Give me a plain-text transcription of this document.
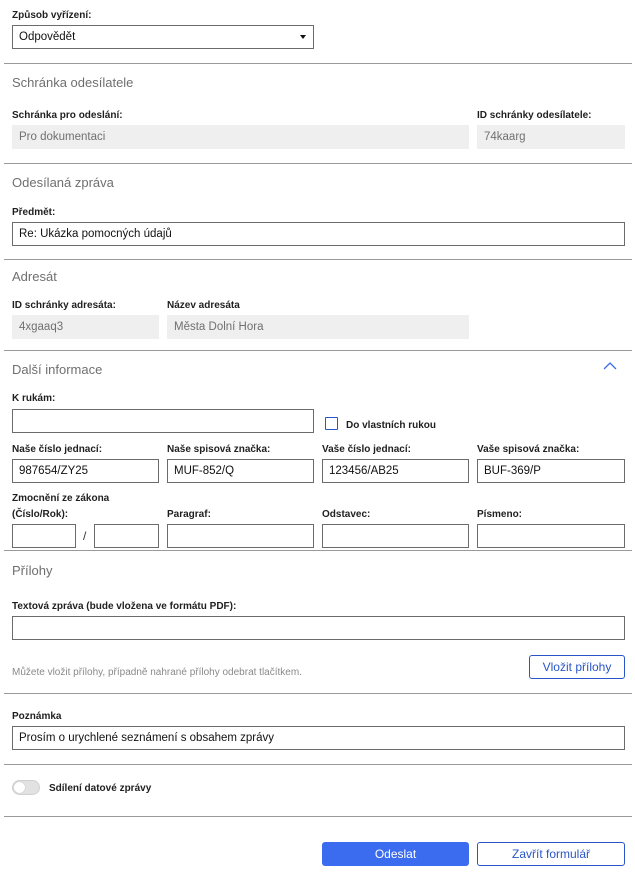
Způsob vyřízení:
Odpovědět
Schránka odesílatele
Schránka pro odeslání:
Pro dokumentaci
ID schránky odesílatele:
74kaarg
Odesílaná zpráva
Předmět:
Re: Ukázka pomocných údajů
Adresát
ID schránky adresáta:
4xgaaq3
Název adresáta
Města Dolní Hora
Další informace
K rukám:
Do vlastních rukou
Naše číslo jednací:
987654/ZY25
Naše spisová značka:
MUF-852/Q
Vaše číslo jednací:
123456/AB25
Vaše spisová značka:
BUF-369/P
Zmocnění ze zákona
(Číslo/Rok):
/
Paragraf:	Odstavec:	Písmeno:
Přílohy
Textová zpráva (bude vložena ve formátu PDF):
Můžete vložit přílohy, případně nahrané přílohy odebrat tlačítkem.	Vložit přílohy
Poznámka
Prosím o urychlené seznámení s obsahem zprávy
Sdílení datové zprávy
Odeslat	Zavřít formulář
